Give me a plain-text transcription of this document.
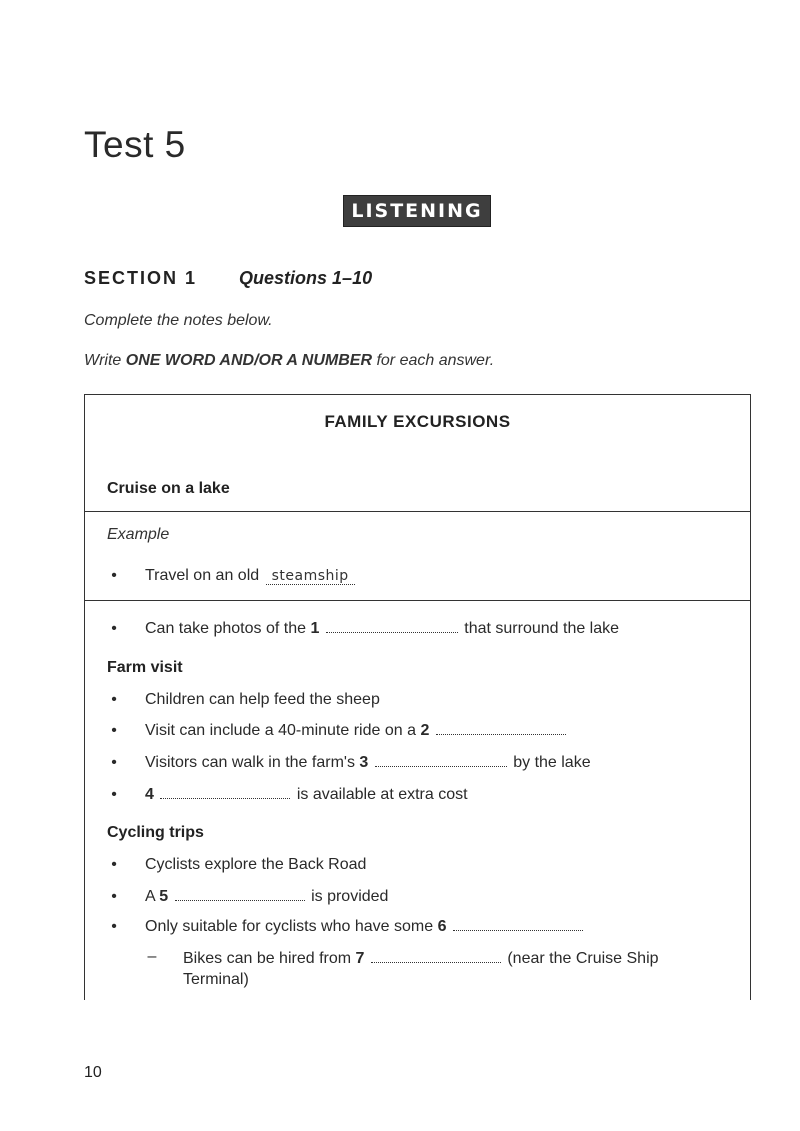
Test 5
LISTENING
SECTION 1 Questions 1–10
Complete the notes below.
Write ONE WORD AND/OR A NUMBER for each answer.
FAMILY EXCURSIONS
Cruise on a lake
Example
• Travel on an old steamship
• Can take photos of the 1	that surround the lake
Farm visit
• Children can help feed the sheep
• Visit can include a 40-minute ride on a 2
• Visitors can walk in the farm's 3	by the lake
• 4	is available at extra cost
Cycling trips
• Cyclists explore the Back Road
• A 5	is provided
• Only suitable for cyclists who have some 6
– Bikes can be hired from 7	(near the Cruise Ship Terminal)
10
